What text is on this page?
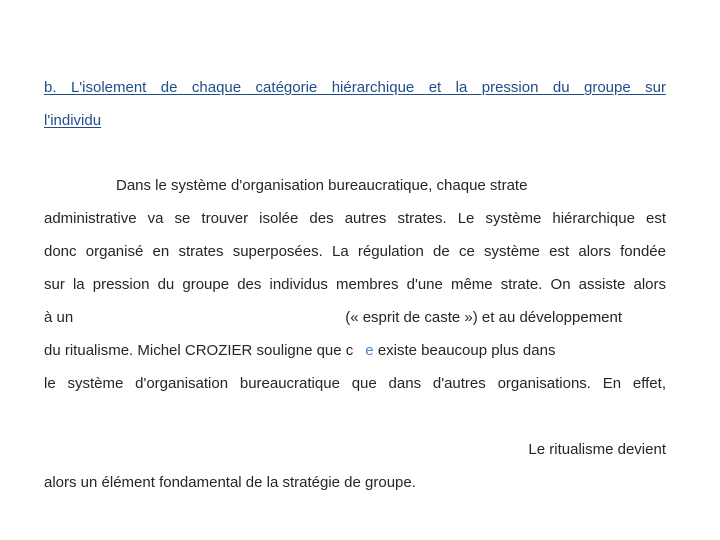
b. L'isolement de chaque catégorie hiérarchique et la pression du groupe sur
l'individu
Dans le système d'organisation bureaucratique, chaque strate
administrative va se trouver isolée des autres strates. Le système hiérarchique est
donc organisé en strates superposées. La régulation de ce système est alors fondée
sur la pression du groupe des individus membres d'une même strate. On assiste alors
à un	(« esprit de caste ») et au développement
du ritualisme. Michel CROZIER souligne que c e existe beaucoup plus dans
le système d'organisation bureaucratique que dans d'autres organisations. En effet,
Le ritualisme devient
alors un élément fondamental de la stratégie de groupe.
